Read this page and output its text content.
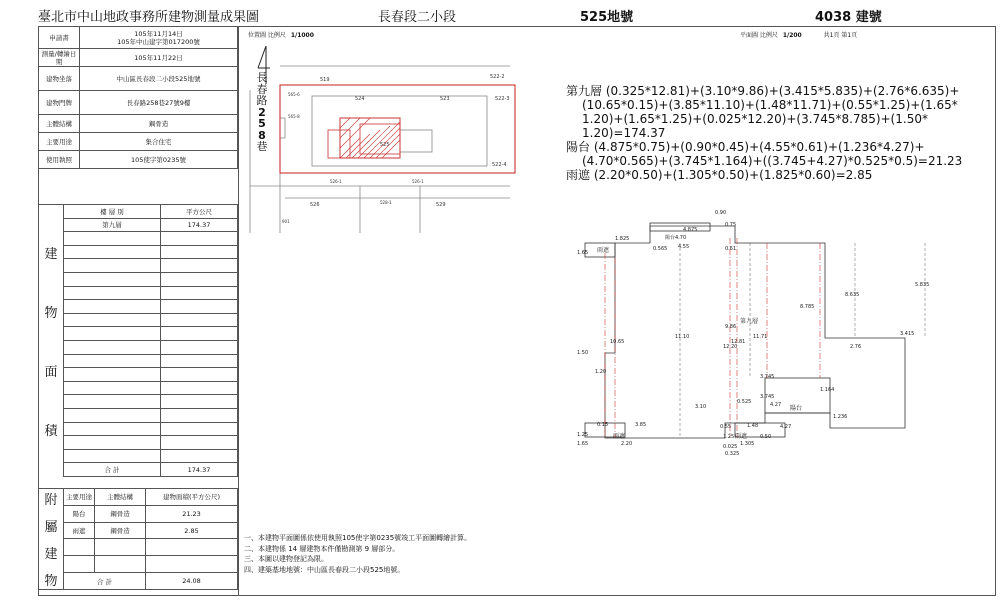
臺北市中山地政事務所建物測量成果圖	長春段二小段	525地號	4038 建號
申請書	105年11月14日
105年中山建字第017200號

測量/轉繪日期	105年11月22日
建物坐落	中山區長春段二小段525地號
建物門牌	長春路258巷27號9樓
主體結構	鋼骨造
主要用途	集合住宅
使用執照	105使字第0235號
建
物
面
積	樓 層 別	平方公尺
	第九層	174.37

	合 計	174.37
附
屬
建
物	主要用途	主體結構	建物面積(平方公尺)
	陽台	鋼骨造	21.23
	雨遮	鋼骨造	2.85

	合 計		24.08
位置圖 比例尺 1/1000
519	522-2
524	523	522-3
565-6
565-8
525
522-4
526-1
526	528-1	529
526-1
901
長
春
路
2
5
8
巷
平面圖 比例尺 1/200	共1頁 第1頁
第九層 (0.325*12.81)+(3.10*9.86)+(3.415*5.835)+(2.76*6.635)+
(10.65*0.15)+(3.85*11.10)+(1.48*11.71)+(0.55*1.25)+(1.65*
1.20)+(1.65*1.25)+(0.025*12.20)+(3.745*8.785)+(1.50*
1.20)=174.37
陽台 (4.875*0.75)+(0.90*0.45)+(4.55*0.61)+(1.236*4.27)+
(4.70*0.565)+(3.745*1.164)+((3.745+4.27)*0.525*0.5)=21.23
雨遮 (2.20*0.50)+(1.305*0.50)+(1.825*0.60)=2.85
第九層
陽台
雨遮	雨遮
雨遮
0.90
4.875
0.75
1.825	陽台4.70
4.55
0.565	0.61
1.65
1.20
10.65
1.50
11.10
12.20
9.86
12.81
11.71
8.785
8.635
5.835
2.76
3.415
3.745
3.745
4.27
1.164
0.525
1.236
4.27
3.10
0.15	3.85
1.25
1.65	2.20
0.55	1.48
1.25
1.305
0.025
0.325
0.50
一、本建物平面圖係依使用執照105使字第0235號竣工平面圖轉繪計算。
二、本建物係 14 層建物本件僅勘測第 9 層部分。
三、本圖以建物登記為限。
四、建築基地地號：中山區長春段二小段525地號。
